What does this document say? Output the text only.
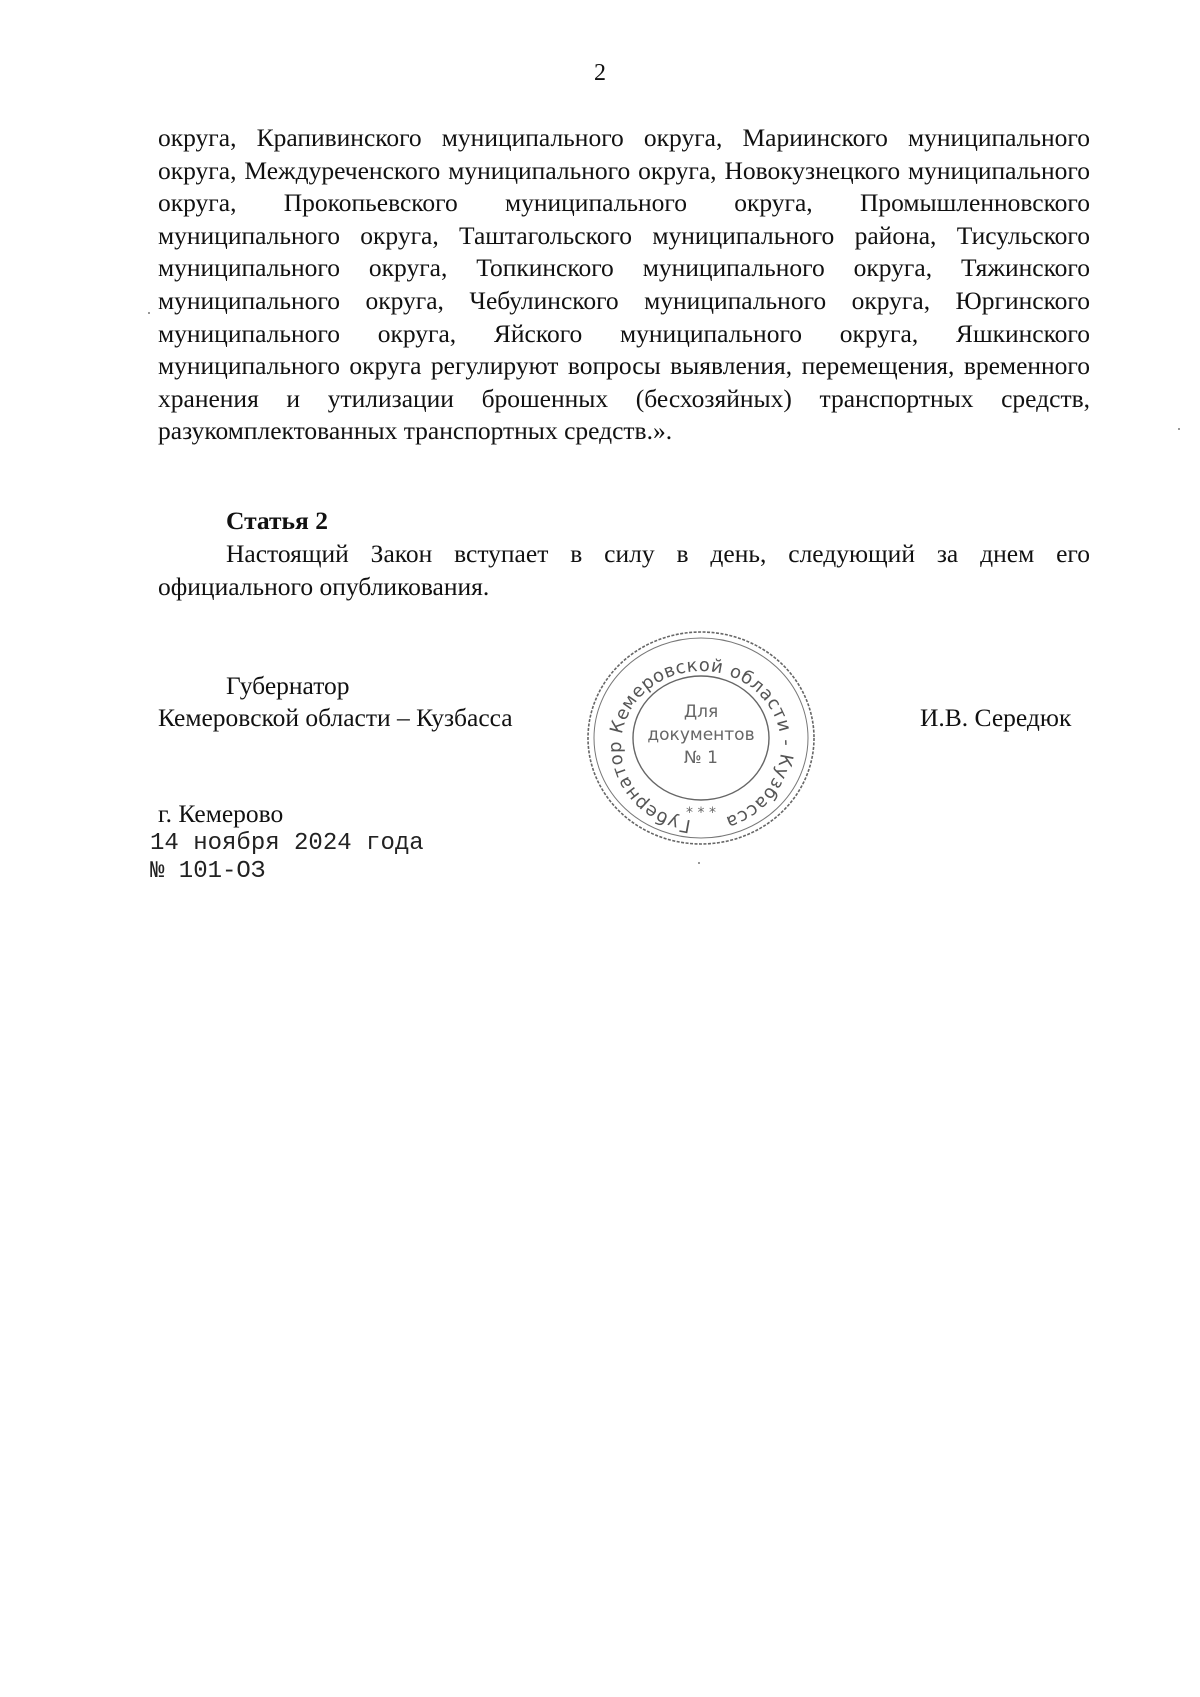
2
округа, Крапивинского муниципального округа, Мариинского муниципального округа, Междуреченского муниципального округа, Новокузнецкого муниципального округа, Прокопьевского муниципального округа, Промышленновского муниципального округа, Таштагольского муниципального района, Тисульского муниципального округа, Топкинского муниципального округа, Тяжинского муниципального округа, Чебулинского муниципального округа, Юргинского муниципального округа, Яйского муниципального округа, Яшкинского муниципального округа регулируют вопросы выявления, перемещения, временного хранения и утилизации брошенных (бесхозяйных) транспортных средств, разукомплектованных транспортных средств.».
Статья 2
Настоящий Закон вступает в силу в день, следующий за днем его официального опубликования.
Губернатор
Кемеровской области – Кузбасса	И.В. Середюк
Губернатор Кемеровской области - Кузбасса
Для
документов
№ 1
* * *
г. Кемерово
14 ноября 2024 года
№ 101-ОЗ
